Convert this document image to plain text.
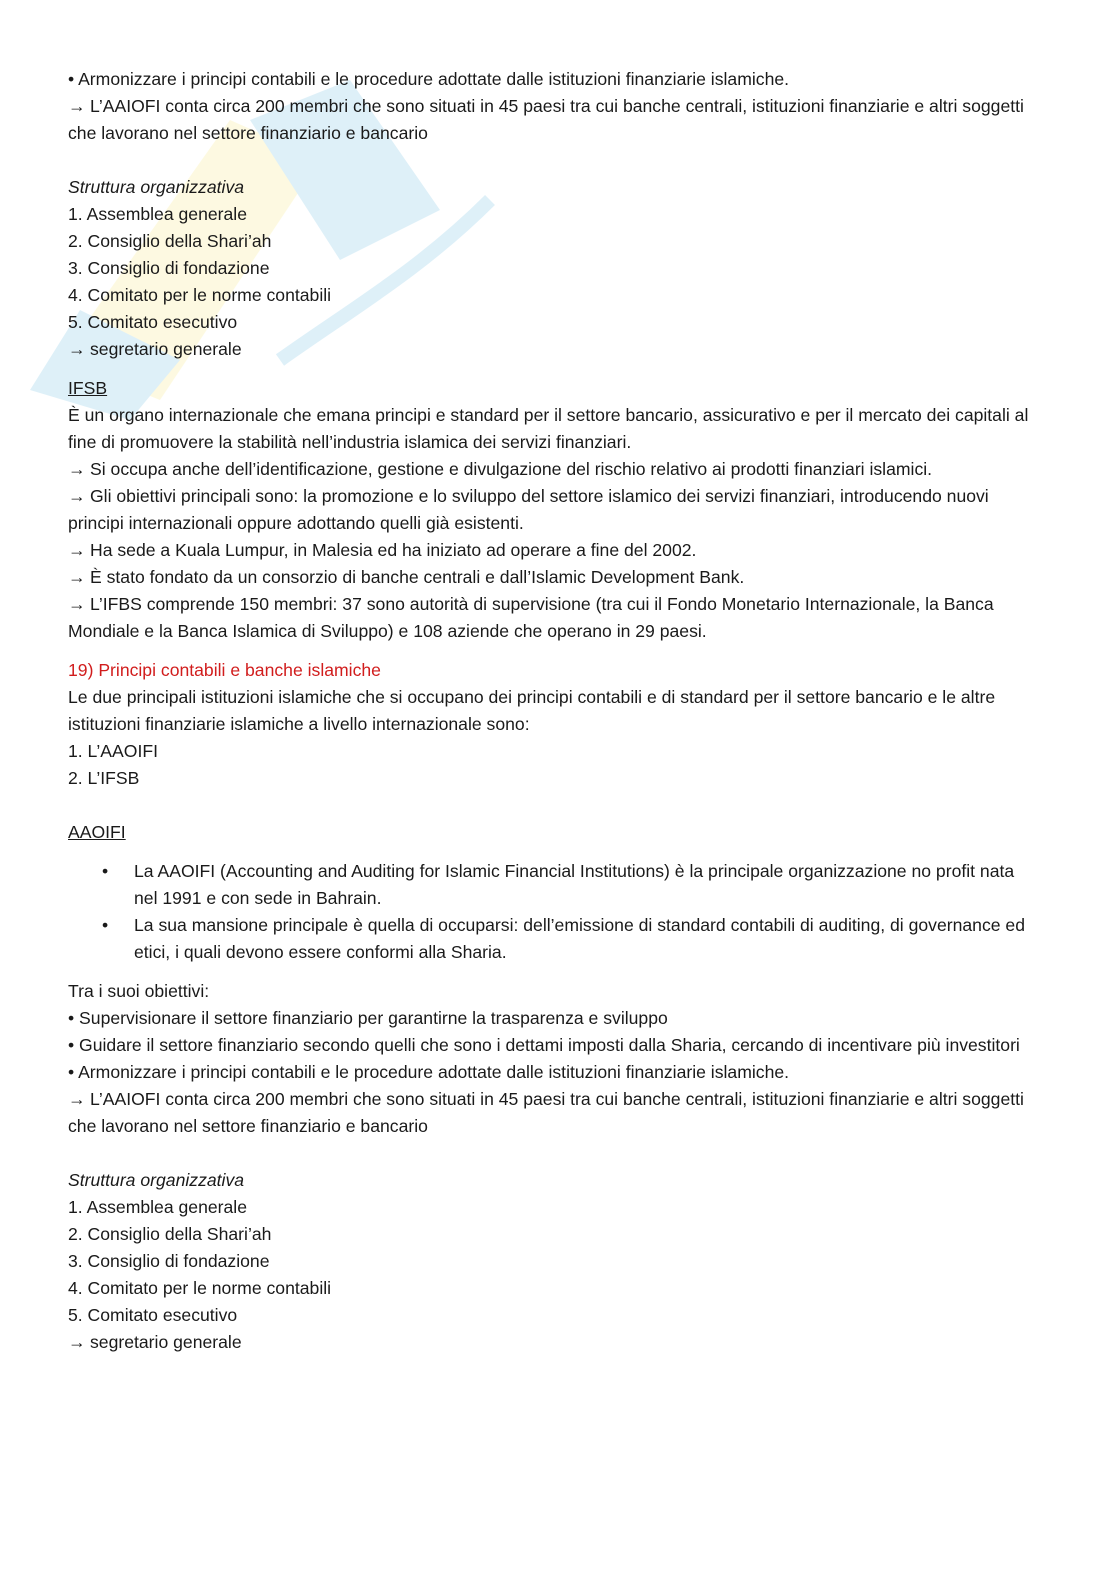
• Armonizzare i principi contabili e le procedure adottate dalle istituzioni finanziarie islamiche.
→ L’AAIOFI conta circa 200 membri che sono situati in 45 paesi tra cui banche centrali, istituzioni finanziarie e altri soggetti che lavorano nel settore finanziario e bancario
Struttura organizzativa
1. Assemblea generale
2. Consiglio della Shari’ah
3. Consiglio di fondazione
4. Comitato per le norme contabili
5. Comitato esecutivo
→ segretario generale
IFSB
È un organo internazionale che emana principi e standard per il settore bancario, assicurativo e per il mercato dei capitali al fine di promuovere la stabilità nell’industria islamica dei servizi finanziari.
→ Si occupa anche dell’identificazione, gestione e divulgazione del rischio relativo ai prodotti finanziari islamici.
→ Gli obiettivi principali sono: la promozione e lo sviluppo del settore islamico dei servizi finanziari, introducendo nuovi principi internazionali oppure adottando quelli già esistenti.
→ Ha sede a Kuala Lumpur, in Malesia ed ha iniziato ad operare a fine del 2002.
→ È stato fondato da un consorzio di banche centrali e dall’Islamic Development Bank.
→ L’IFBS comprende 150 membri: 37 sono autorità di supervisione (tra cui il Fondo Monetario Internazionale, la Banca Mondiale e la Banca Islamica di Sviluppo) e 108 aziende che operano in 29 paesi.
19) Principi contabili e banche islamiche
Le due principali istituzioni islamiche che si occupano dei principi contabili e di standard per il settore bancario e le altre istituzioni finanziarie islamiche a livello internazionale sono:
1. L’AAOIFI
2. L’IFSB
AAOIFI
• La AAOIFI (Accounting and Auditing for Islamic Financial Institutions) è la principale organizzazione no profit nata nel 1991 e con sede in Bahrain.
• La sua mansione principale è quella di occuparsi: dell’emissione di standard contabili di auditing, di governance ed etici, i quali devono essere conformi alla Sharia.
Tra i suoi obiettivi:
• Supervisionare il settore finanziario per garantirne la trasparenza e sviluppo
• Guidare il settore finanziario secondo quelli che sono i dettami imposti dalla Sharia, cercando di incentivare più investitori
• Armonizzare i principi contabili e le procedure adottate dalle istituzioni finanziarie islamiche.
→ L’AAIOFI conta circa 200 membri che sono situati in 45 paesi tra cui banche centrali, istituzioni finanziarie e altri soggetti che lavorano nel settore finanziario e bancario
Struttura organizzativa
1. Assemblea generale
2. Consiglio della Shari’ah
3. Consiglio di fondazione
4. Comitato per le norme contabili
5. Comitato esecutivo
→ segretario generale
